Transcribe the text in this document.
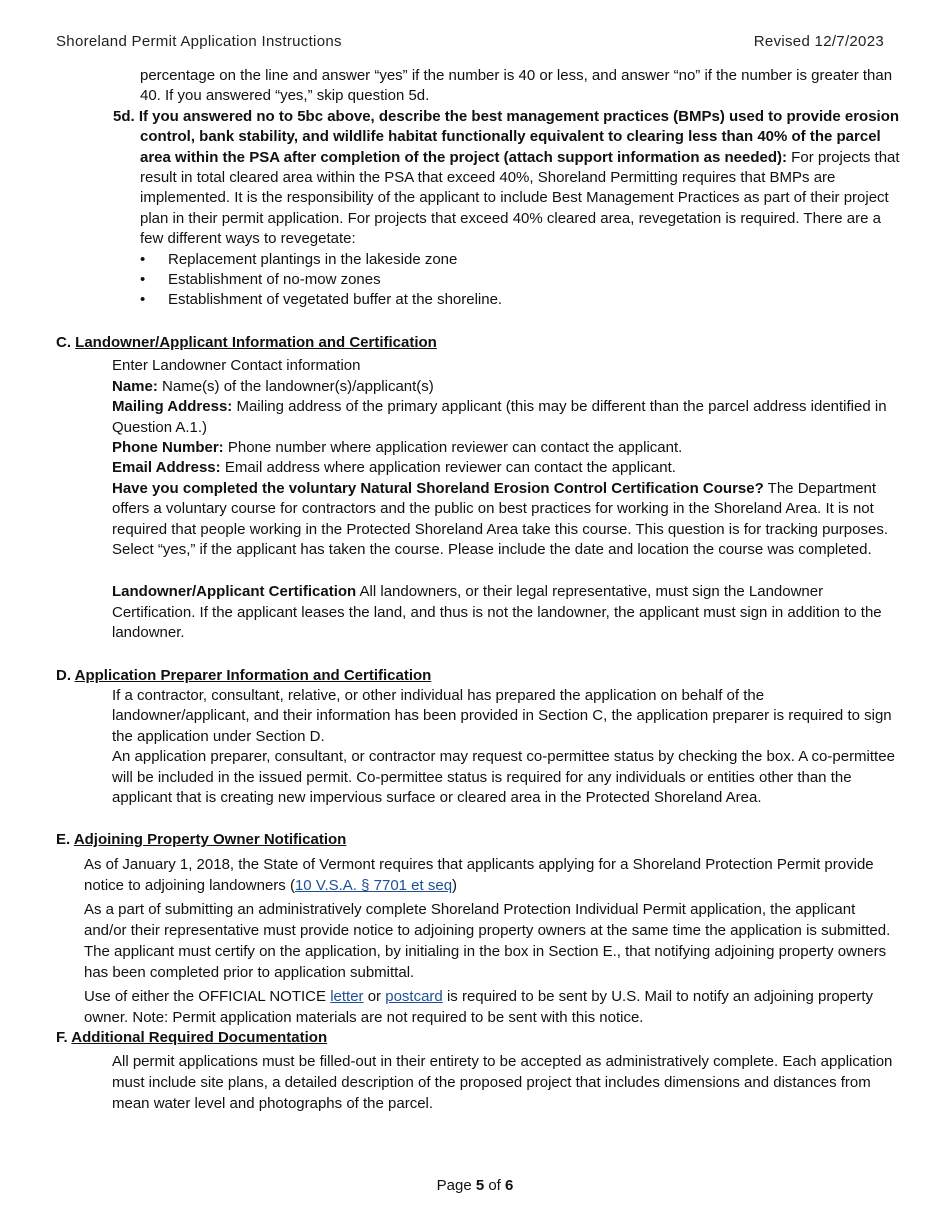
Shoreland Permit Application Instructions	Revised 12/7/2023

percentage on the line and answer “yes” if the number is 40 or less, and answer “no” if the number is greater than 40. If you answered “yes,” skip question 5d.

5d. If you answered no to 5bc above, describe the best management practices (BMPs) used to provide erosion control, bank stability, and wildlife habitat functionally equivalent to clearing less than 40% of the parcel area within the PSA after completion of the project (attach support information as needed): For projects that result in total cleared area within the PSA that exceed 40%, Shoreland Permitting requires that BMPs are implemented. It is the responsibility of the applicant to include Best Management Practices as part of their project plan in their permit application. For projects that exceed 40% cleared area, revegetation is required. There are a few different ways to revegetate:

• Replacement plantings in the lakeside zone
• Establishment of no-mow zones
• Establishment of vegetated buffer at the shoreline.

C. Landowner/Applicant Information and Certification

Enter Landowner Contact information

Name: Name(s) of the landowner(s)/applicant(s)

Mailing Address: Mailing address of the primary applicant (this may be different than the parcel address identified in Question A.1.)

Phone Number: Phone number where application reviewer can contact the applicant.

Email Address: Email address where application reviewer can contact the applicant.

Have you completed the voluntary Natural Shoreland Erosion Control Certification Course? The Department offers a voluntary course for contractors and the public on best practices for working in the Shoreland Area. It is not required that people working in the Protected Shoreland Area take this course. This question is for tracking purposes. Select “yes,” if the applicant has taken the course. Please include the date and location the course was completed.

Landowner/Applicant Certification All landowners, or their legal representative, must sign the Landowner Certification. If the applicant leases the land, and thus is not the landowner, the applicant must sign in addition to the landowner.

D. Application Preparer Information and Certification

If a contractor, consultant, relative, or other individual has prepared the application on behalf of the landowner/applicant, and their information has been provided in Section C, the application preparer is required to sign the application under Section D.

An application preparer, consultant, or contractor may request co-permittee status by checking the box. A co-permittee will be included in the issued permit. Co-permittee status is required for any individuals or entities other than the applicant that is creating new impervious surface or cleared area in the Protected Shoreland Area.

E. Adjoining Property Owner Notification

As of January 1, 2018, the State of Vermont requires that applicants applying for a Shoreland Protection Permit provide notice to adjoining landowners (10 V.S.A. § 7701 et seq)

As a part of submitting an administratively complete Shoreland Protection Individual Permit application, the applicant and/or their representative must provide notice to adjoining property owners at the same time the application is submitted. The applicant must certify on the application, by initialing in the box in Section E., that notifying adjoining property owners has been completed prior to application submittal.

Use of either the OFFICIAL NOTICE letter or postcard is required to be sent by U.S. Mail to notify an adjoining property owner. Note: Permit application materials are not required to be sent with this notice.

F. Additional Required Documentation

All permit applications must be filled-out in their entirety to be accepted as administratively complete. Each application must include site plans, a detailed description of the proposed project that includes dimensions and distances from mean water level and photographs of the parcel.

Page 5 of 6
